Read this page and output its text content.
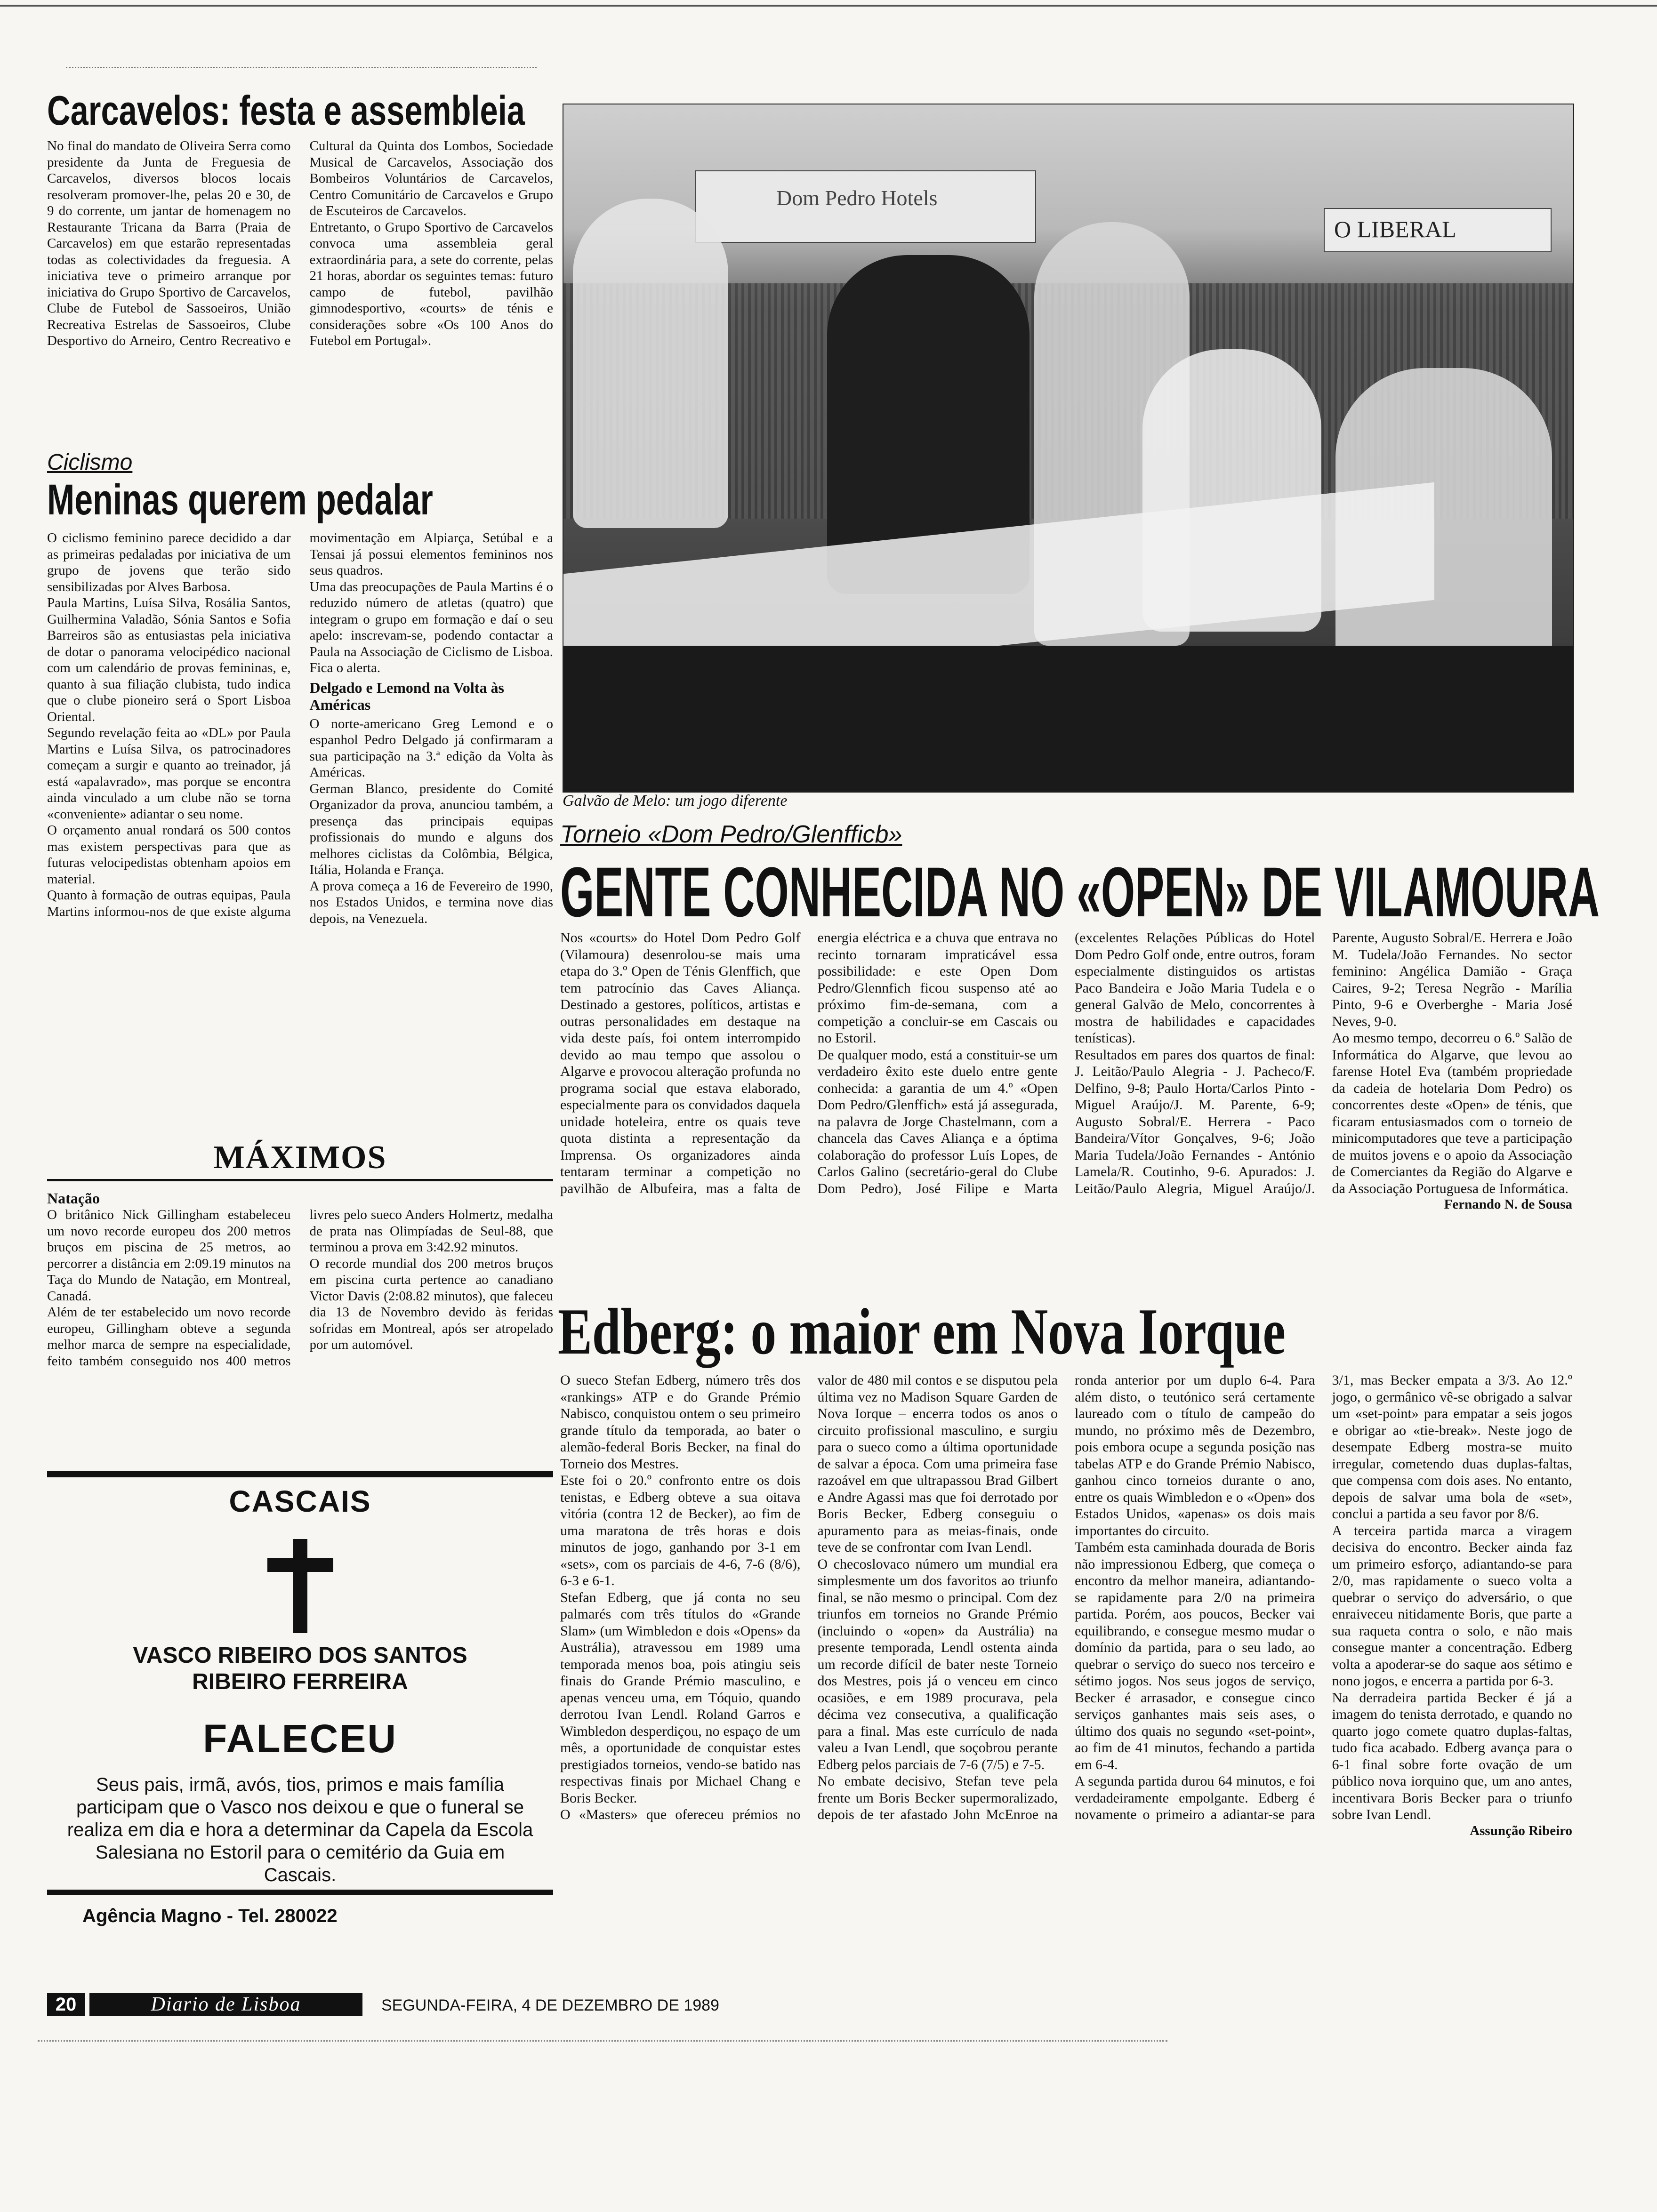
Carcavelos: festa e assembleia

No final do mandato de Oliveira Serra como presidente da Junta de Freguesia de Carcavelos, diversos blocos locais resolveram promover-lhe, pelas 20 e 30, de 9 do corrente, um jantar de homenagem no Restaurante Tricana da Barra (Praia de Carcavelos) em que estarão representadas todas as colectividades da freguesia. A iniciativa teve o primeiro arranque por iniciativa do Grupo Sportivo de Carcavelos, Clube de Futebol de Sassoeiros, União Recreativa Estrelas de Sassoeiros, Clube Desportivo do Arneiro, Centro Recreativo e Cultural da Quinta dos Lombos, Sociedade Musical de Carcavelos, Associação dos Bombeiros Voluntários de Carcavelos, Centro Comunitário de Carcavelos e Grupo de Escuteiros de Carcavelos.
Entretanto, o Grupo Sportivo de Carcavelos convoca uma assembleia geral extraordinária para, a sete do corrente, pelas 21 horas, abordar os seguintes temas: futuro campo de futebol, pavilhão gimnodesportivo, «courts» de ténis e considerações sobre «Os 100 Anos do Futebol em Portugal».

Ciclismo
Meninas querem pedalar

O ciclismo feminino parece decidido a dar as primeiras pedaladas por iniciativa de um grupo de jovens que terão sido sensibilizadas por Alves Barbosa.
Paula Martins, Luísa Silva, Rosália Santos, Guilhermina Valadão, Sónia Santos e Sofia Barreiros são as entusiastas pela iniciativa de dotar o panorama velocipédico nacional com um calendário de provas femininas, e, quanto à sua filiação clubista, tudo indica que o clube pioneiro será o Sport Lisboa Oriental.
Segundo revelação feita ao «DL» por Paula Martins e Luísa Silva, os patrocinadores começam a surgir e quanto ao treinador, já está «apalavrado», mas porque se encontra ainda vinculado a um clube não se torna «conveniente» adiantar o seu nome.
O orçamento anual rondará os 500 contos mas existem perspectivas para que as futuras velocipedistas obtenham apoios em material.
Quanto à formação de outras equipas, Paula Martins informou-nos de que existe alguma movimentação em Alpiarça, Setúbal e a Tensai já possui elementos femininos nos seus quadros.
Uma das preocupações de Paula Martins é o reduzido número de atletas (quatro) que integram o grupo em formação e daí o seu apelo: inscrevam-se, podendo contactar a Paula na Associação de Ciclismo de Lisboa. Fica o alerta.

Delgado e Lemond na Volta às Américas

O norte-americano Greg Lemond e o espanhol Pedro Delgado já confirmaram a sua participação na 3.ª edição da Volta às Américas.
German Blanco, presidente do Comité Organizador da prova, anunciou também, a presença das principais equipas profissionais do mundo e alguns dos melhores ciclistas da Colômbia, Bélgica, Itália, Holanda e França.
A prova começa a 16 de Fevereiro de 1990, nos Estados Unidos, e termina nove dias depois, na Venezuela.

MÁXIMOS
Natação

O britânico Nick Gillingham estabeleceu um novo recorde europeu dos 200 metros bruços em piscina de 25 metros, ao percorrer a distância em 2:09.19 minutos na Taça do Mundo de Natação, em Montreal, Canadá.
Além de ter estabelecido um novo recorde europeu, Gillingham obteve a segunda melhor marca de sempre na especialidade, feito também conseguido nos 400 metros livres pelo sueco Anders Holmertz, medalha de prata nas Olimpíadas de Seul-88, que terminou a prova em 3:42.92 minutos.
O recorde mundial dos 200 metros bruços em piscina curta pertence ao canadiano Victor Davis (2:08.82 minutos), que faleceu dia 13 de Novembro devido às feridas sofridas em Montreal, após ser atropelado por um automóvel.

CASCAIS
VASCO RIBEIRO DOS SANTOS
RIBEIRO FERREIRA
FALECEU

Seus pais, irmã, avós, tios, primos e mais família participam que o Vasco nos deixou e que o funeral se realiza em dia e hora a determinar da Capela da Escola Salesiana no Estoril para o cemitério da Guia em Cascais.

Agência Magno - Tel. 280022
Dom Pedro Hotels
O LIBERAL
Galvão de Melo: um jogo diferente
Torneio «Dom Pedro/Glenfficb»
GENTE CONHECIDA NO «OPEN» DE VILAMOURA

Nos «courts» do Hotel Dom Pedro Golf (Vilamoura) desenrolou-se mais uma etapa do 3.º Open de Ténis Glenffich, que tem patrocínio das Caves Aliança. Destinado a gestores, políticos, artistas e outras personalidades em destaque na vida deste país, foi ontem interrompido devido ao mau tempo que assolou o Algarve e provocou alteração profunda no programa social que estava elaborado, especialmente para os convidados daquela unidade hoteleira, entre os quais teve quota distinta a representação da Imprensa. Os organizadores ainda tentaram terminar a competição no pavilhão de Albufeira, mas a falta de energia eléctrica e a chuva que entrava no recinto tornaram impraticável essa possibilidade: e este Open Dom Pedro/Glennfich ficou suspenso até ao próximo fim-de-semana, com a competição a concluir-se em Cascais ou no Estoril.
De qualquer modo, está a constituir-se um verdadeiro êxito este duelo entre gente conhecida: a garantia de um 4.º «Open Dom Pedro/Glenffich» está já assegurada, na palavra de Jorge Chastelmann, com a chancela das Caves Aliança e a óptima colaboração do professor Luís Lopes, de Carlos Galino (secretário-geral do Clube Dom Pedro), José Filipe e Marta (excelentes Relações Públicas do Hotel Dom Pedro Golf onde, entre outros, foram especialmente distinguidos os artistas Paco Bandeira e João Maria Tudela e o general Galvão de Melo, concorrentes à mostra de habilidades e capacidades tenísticas).
Resultados em pares dos quartos de final: J. Leitão/Paulo Alegria - J. Pacheco/F. Delfino, 9-8; Paulo Horta/Carlos Pinto - Miguel Araújo/J. M. Parente, 6-9; Augusto Sobral/E. Herrera - Paco Bandeira/Vítor Gonçalves, 9-6; João Maria Tudela/João Fernandes - António Lamela/R. Coutinho, 9-6. Apurados: J. Leitão/Paulo Alegria, Miguel Araújo/J. Parente, Augusto Sobral/E. Herrera e João M. Tudela/João Fernandes. No sector feminino: Angélica Damião - Graça Caires, 9-2; Teresa Negrão - Marília Pinto, 9-6 e Overberghe - Maria José Neves, 9-0.
Ao mesmo tempo, decorreu o 6.º Salão de Informática do Algarve, que levou ao farense Hotel Eva (também propriedade da cadeia de hotelaria Dom Pedro) os concorrentes deste «Open» de ténis, que ficaram entusiasmados com o torneio de minicomputadores que teve a participação de muitos jovens e o apoio da Associação de Comerciantes da Região do Algarve e da Associação Portuguesa de Informática.

Fernando N. de Sousa
Edberg: o maior em Nova Iorque

O sueco Stefan Edberg, número três dos «rankings» ATP e do Grande Prémio Nabisco, conquistou ontem o seu primeiro grande título da temporada, ao bater o alemão-federal Boris Becker, na final do Torneio dos Mestres.
Este foi o 20.º confronto entre os dois tenistas, e Edberg obteve a sua oitava vitória (contra 12 de Becker), ao fim de uma maratona de três horas e dois minutos de jogo, ganhando por 3-1 em «sets», com os parciais de 4-6, 7-6 (8/6), 6-3 e 6-1.
Stefan Edberg, que já conta no seu palmarés com três títulos do «Grande Slam» (um Wimbledon e dois «Opens» da Austrália), atravessou em 1989 uma temporada menos boa, pois atingiu seis finais do Grande Prémio masculino, e apenas venceu uma, em Tóquio, quando derrotou Ivan Lendl. Roland Garros e Wimbledon desperdiçou, no espaço de um mês, a oportunidade de conquistar estes prestigiados torneios, vendo-se batido nas respectivas finais por Michael Chang e Boris Becker.
O «Masters» que ofereceu prémios no valor de 480 mil contos e se disputou pela última vez no Madison Square Garden de Nova Iorque – encerra todos os anos o circuito profissional masculino, e surgiu para o sueco como a última oportunidade de salvar a época. Com uma primeira fase razoável em que ultrapassou Brad Gilbert e Andre Agassi mas que foi derrotado por Boris Becker, Edberg conseguiu o apuramento para as meias-finais, onde teve de se confrontar com Ivan Lendl.
O checoslovaco número um mundial era simplesmente um dos favoritos ao triunfo final, se não mesmo o principal. Com dez triunfos em torneios no Grande Prémio (incluindo o «open» da Austrália) na presente temporada, Lendl ostenta ainda um recorde difícil de bater neste Torneio dos Mestres, pois já o venceu em cinco ocasiões, e em 1989 procurava, pela décima vez consecutiva, a qualificação para a final. Mas este currículo de nada valeu a Ivan Lendl, que soçobrou perante Edberg pelos parciais de 7-6 (7/5) e 7-5.
No embate decisivo, Stefan teve pela frente um Boris Becker supermoralizado, depois de ter afastado John McEnroe na ronda anterior por um duplo 6-4. Para além disto, o teutónico será certamente laureado com o título de campeão do mundo, no próximo mês de Dezembro, pois embora ocupe a segunda posição nas tabelas ATP e do Grande Prémio Nabisco, ganhou cinco torneios durante o ano, entre os quais Wimbledon e o «Open» dos Estados Unidos, «apenas» os dois mais importantes do circuito.
Também esta caminhada dourada de Boris não impressionou Edberg, que começa o encontro da melhor maneira, adiantando-se rapidamente para 2/0 na primeira partida. Porém, aos poucos, Becker vai equilibrando, e consegue mesmo mudar o domínio da partida, para o seu lado, ao quebrar o serviço do sueco nos terceiro e sétimo jogos. Nos seus jogos de serviço, Becker é arrasador, e consegue cinco serviços ganhantes mais seis ases, o último dos quais no segundo «set-point», ao fim de 41 minutos, fechando a partida em 6-4.
A segunda partida durou 64 minutos, e foi verdadeiramente empolgante. Edberg é novamente o primeiro a adiantar-se para 3/1, mas Becker empata a 3/3. Ao 12.º jogo, o germânico vê-se obrigado a salvar um «set-point» para empatar a seis jogos e obrigar ao «tie-break». Neste jogo de desempate Edberg mostra-se muito irregular, cometendo duas duplas-faltas, que compensa com dois ases. No entanto, depois de salvar uma bola de «set», conclui a partida a seu favor por 8/6.
A terceira partida marca a viragem decisiva do encontro. Becker ainda faz um primeiro esforço, adiantando-se para 2/0, mas rapidamente o sueco volta a quebrar o serviço do adversário, o que enraiveceu nitidamente Boris, que parte a sua raqueta contra o solo, e não mais consegue manter a concentração. Edberg volta a apoderar-se do saque aos sétimo e nono jogos, e encerra a partida por 6-3.
Na derradeira partida Becker é já a imagem do tenista derrotado, e quando no quarto jogo comete quatro duplas-faltas, tudo fica acabado. Edberg avança para o 6-1 final sobre forte ovação de um público nova iorquino que, um ano antes, incentivara Boris Becker para o triunfo sobre Ivan Lendl.

Assunção Ribeiro
20	Diario de Lisboa	SEGUNDA-FEIRA, 4 DE DEZEMBRO DE 1989
